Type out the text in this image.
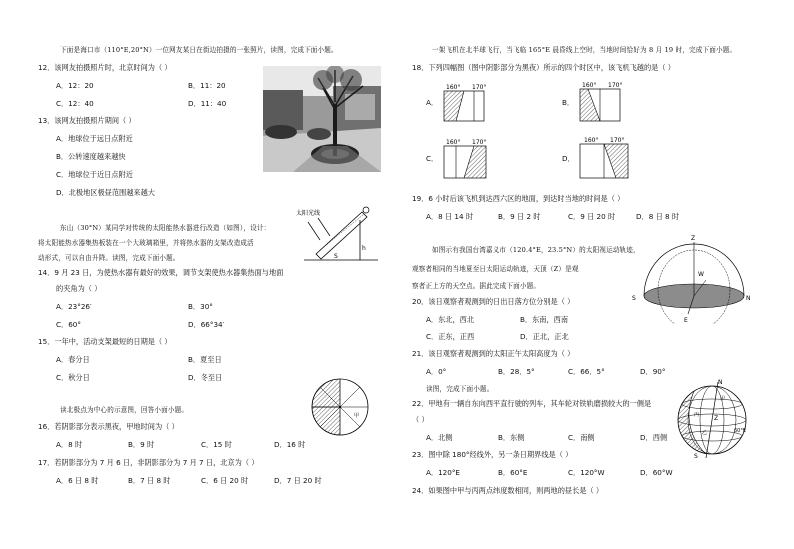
下面是海口市（110°E,20°N）一位网友某日在街边拍摄的一张照片，读图，完成下面小题。
12．该网友拍摄照片时，北京时间为（ ）
A．12：20	B．11：20
C．12：40	D．11：40
13．该网友拍摄照片期间（ ）
A．地球位于远日点附近
B．公转速度越来越快
C．地球位于近日点附近
D．北极地区极昼范围越来越大
东山（30°N）某同学对传统的太阳能热水器进行改造（如图），设计：
将太阳能热水器集热板装在一个大玻璃箱里，并将热水器的支架改造成活
动形式，可以自由升降。读图，完成下面小题。
太阳光线
h
S
14．9 月 23 日，为使热水器有最好的效果，调节支架使热水器集热面与地面
的夹角为（ ）
A．23°26′	B．30°
C．60°	D．66°34′
15．一年中，活动支架最短的日期是（ ）
A．春分日	B．夏至日
C．秋分日	D．冬至日
甲
读北极点为中心的示意图，回答小面小题。
16．若阴影部分表示黑夜，甲地时间为（ ）
A．8 时	B．9 时	C．15 时	D．16 时
17．若阴影部分为 7 月 6 日，非阴影部分为 7 月 7 日，北京为（ ）
A．6 日 8 时	B．7 日 8 时	C．6 日 20 时	D．7 日 20 时
一架飞机在北半球飞行，当飞临 165°E 晨昏线上空时，当地时间恰好为 8 月 19 时，完成下面小题。
18．下列四幅图（图中阴影部分为黑夜）所示的四个时区中，该飞机飞越的是（ ）
A．
160° 170°
B．
160° 170°
C．
160° 170°
D．
160° 170°
19．6 小时后该飞机到达西六区的地面，到达时当地的时间是（ ）
A．8 日 14 时	B．9 日 2 时	C．9 日 20 时	D．8 日 8 时
如图示有我国台湾嘉义市（120.4°E，23.5°N）的太阳视运动轨迹，
观察者相同的当地夏至日太阳运动轨迹，天顶（Z）是观
察者正上方的天空点。据此完成下面小题。
Z
W
S	N
E
20．该日观察者观测到的日出日落方位分别是（ ）
A．东北，西北	B．东南，西南
C．正东，正西	D．正北，正北
21．该日观察者观测到的太阳正午太阳高度为（ ）
A．0°	B．28．5°	C．66．5°	D．90°
读图，完成下面小题。
22．甲地有一辆自东向西平直行驶的列车，其车轮对铁轨磨损较大的一侧是
（ ）
A．北侧	B．东侧	C．南侧	D．西侧
23．图中除 180°经线外，另一条日期界线是（ ）
A．120°E	B．60°E	C．120°W	D．60°W
24．如果图中甲与丙两点纬度数相同，则两地的昼长是（ ）
N
S
Z
甲
乙
丙
60°E
